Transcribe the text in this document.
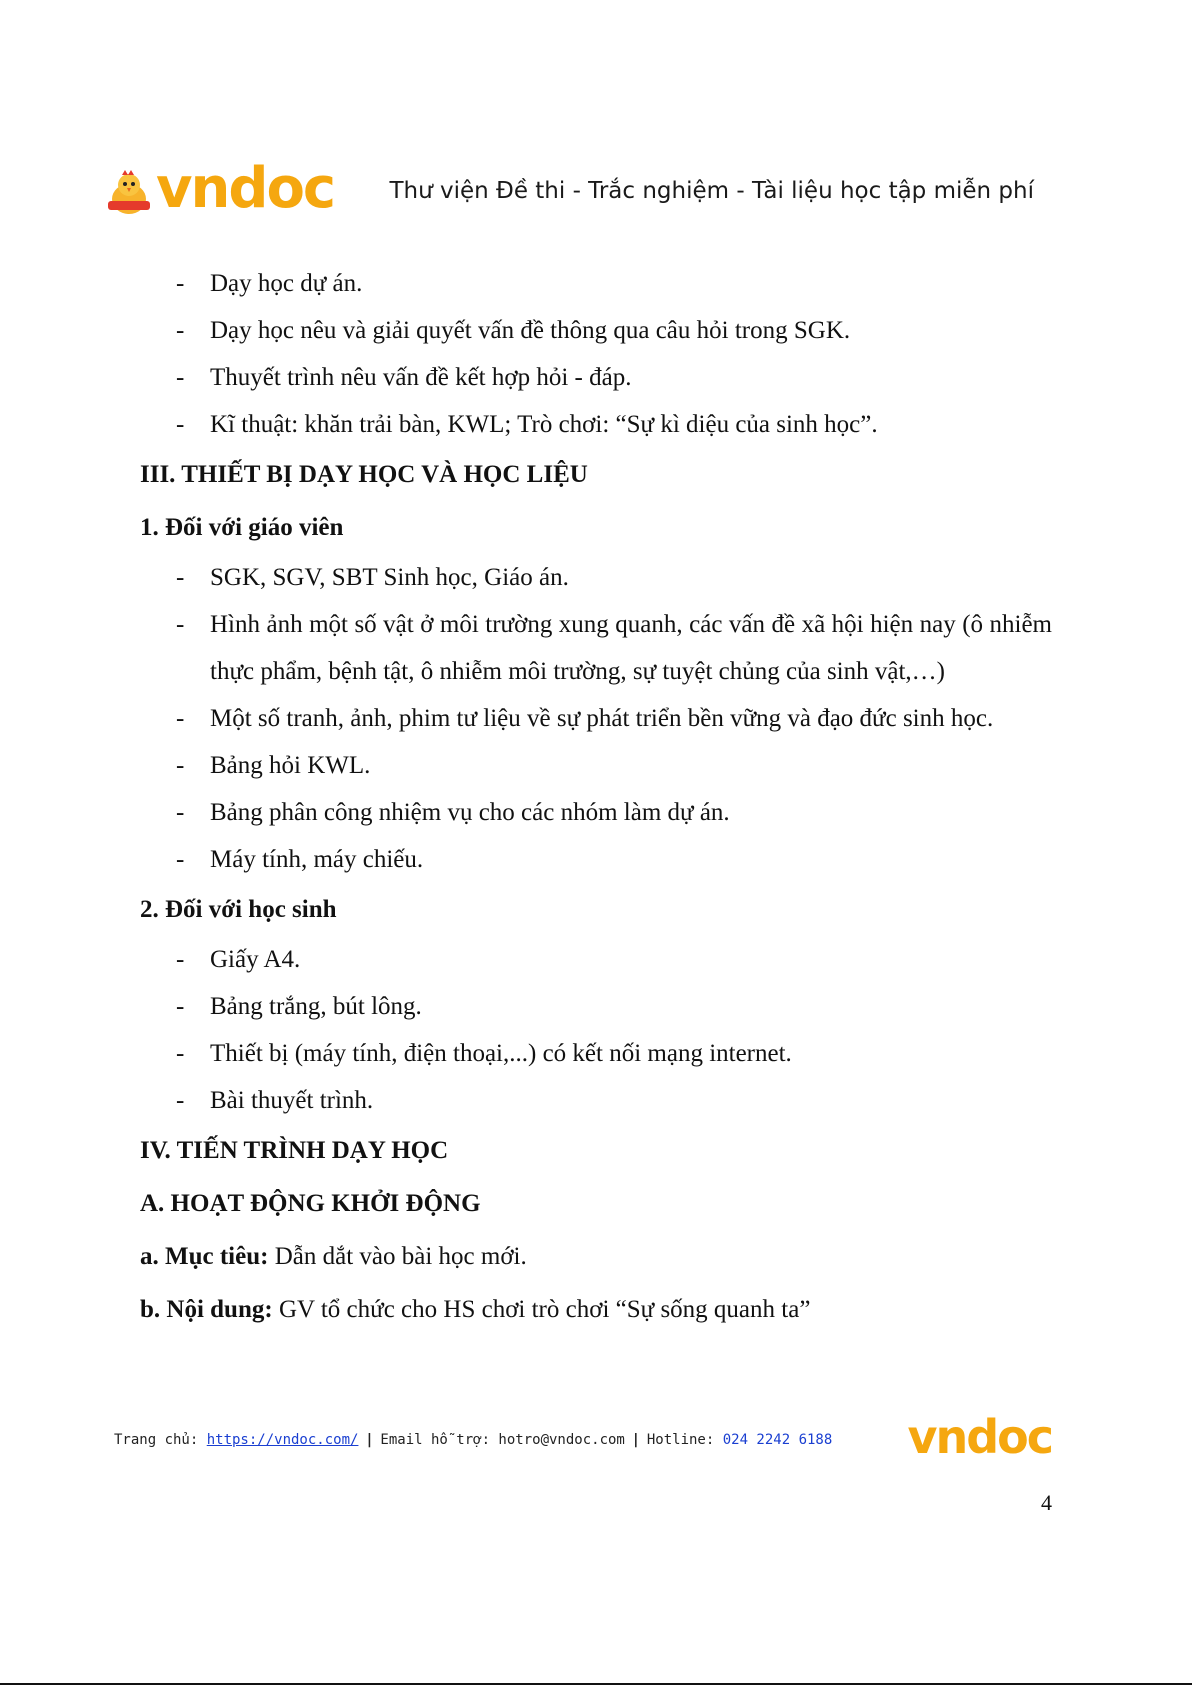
vndoc Thư viện Đề thi - Trắc nghiệm - Tài liệu học tập miễn phí
- Dạy học dự án.
- Dạy học nêu và giải quyết vấn đề thông qua câu hỏi trong SGK.
- Thuyết trình nêu vấn đề kết hợp hỏi - đáp.
- Kĩ thuật: khăn trải bàn, KWL; Trò chơi: “Sự kì diệu của sinh học”.
III. THIẾT BỊ DẠY HỌC VÀ HỌC LIỆU
1. Đối với giáo viên
- SGK, SGV, SBT Sinh học, Giáo án.
- Hình ảnh một số vật ở môi trường xung quanh, các vấn đề xã hội hiện nay (ô nhiễm thực phẩm, bệnh tật, ô nhiễm môi trường, sự tuyệt chủng của sinh vật,…)
- Một số tranh, ảnh, phim tư liệu về sự phát triển bền vững và đạo đức sinh học.
- Bảng hỏi KWL.
- Bảng phân công nhiệm vụ cho các nhóm làm dự án.
- Máy tính, máy chiếu.
2. Đối với học sinh
- Giấy A4.
- Bảng trắng, bút lông.
- Thiết bị (máy tính, điện thoại,...) có kết nối mạng internet.
- Bài thuyết trình.
IV. TIẾN TRÌNH DẠY HỌC
A. HOẠT ĐỘNG KHỞI ĐỘNG
a. Mục tiêu: Dẫn dắt vào bài học mới.
b. Nội dung: GV tổ chức cho HS chơi trò chơi “Sự sống quanh ta”
Trang chủ: https://vndoc.com/ | Email hỗ trợ: hotro@vndoc.com | Hotline: 024 2242 6188 vndoc
4
